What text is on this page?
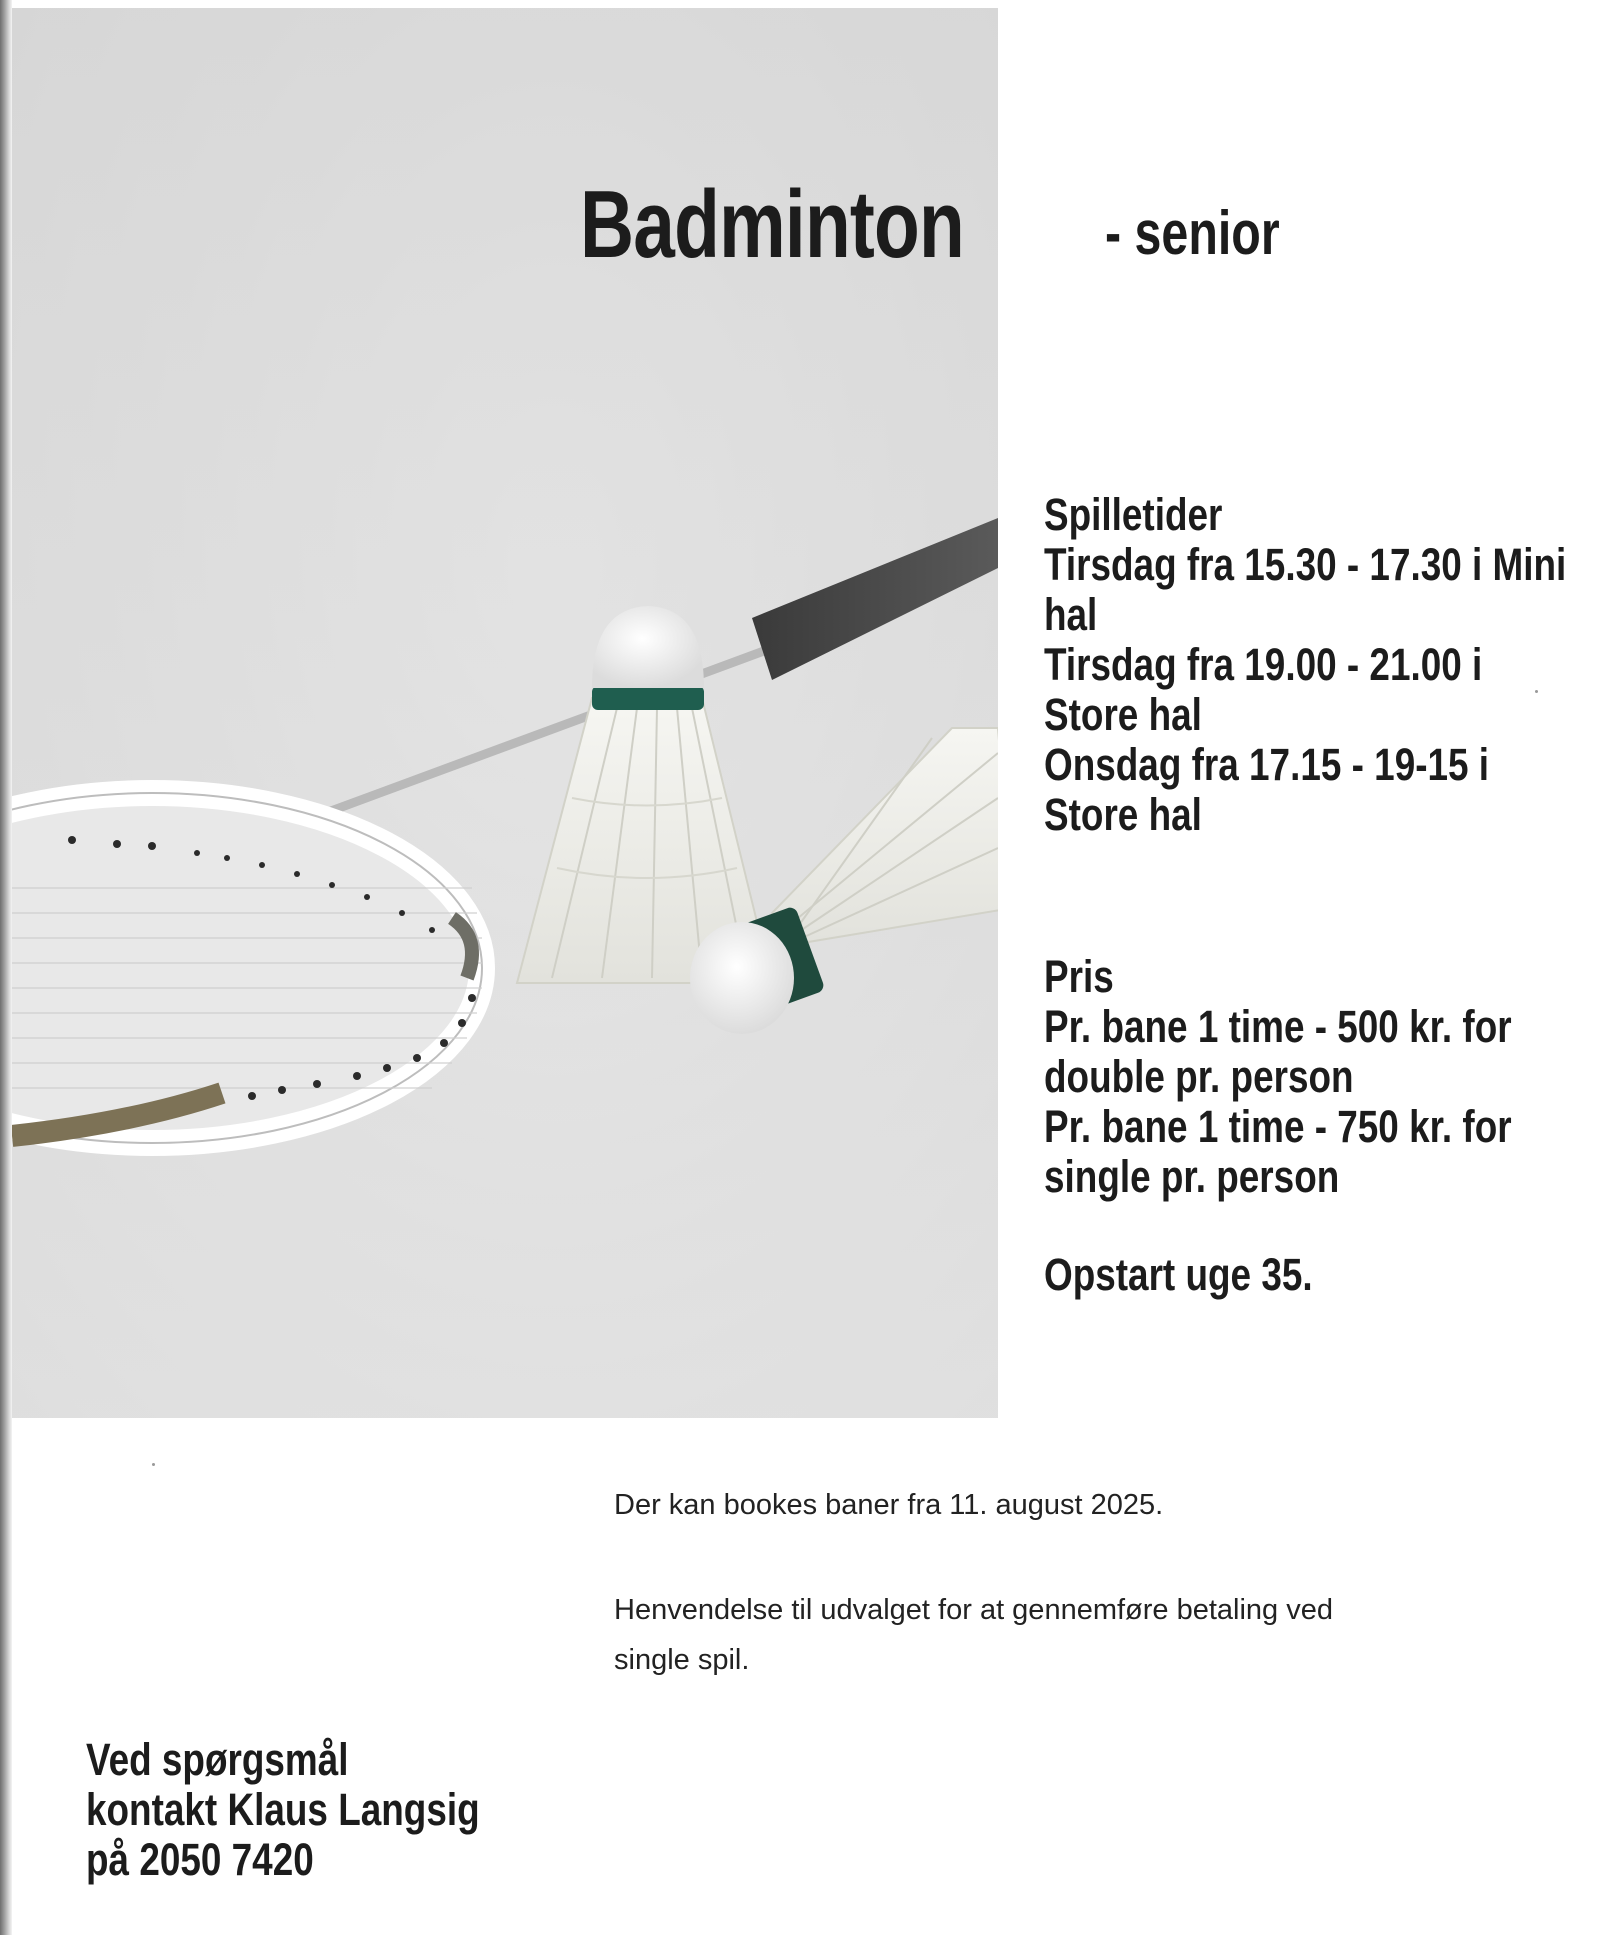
Badminton - senior
Spilletider
Tirsdag fra 15.30 - 17.30 i Mini
hal
Tirsdag fra 19.00 - 21.00 i
Store hal
Onsdag fra 17.15 - 19-15 i
Store hal
Pris
Pr. bane 1 time - 500 kr. for
double pr. person
Pr. bane 1 time - 750 kr. for
single pr. person
Opstart uge 35.
Der kan bookes baner fra 11. august 2025.
Henvendelse til udvalget for at gennemføre betaling ved
single spil.
Ved spørgsmål
kontakt Klaus Langsig
på 2050 7420
